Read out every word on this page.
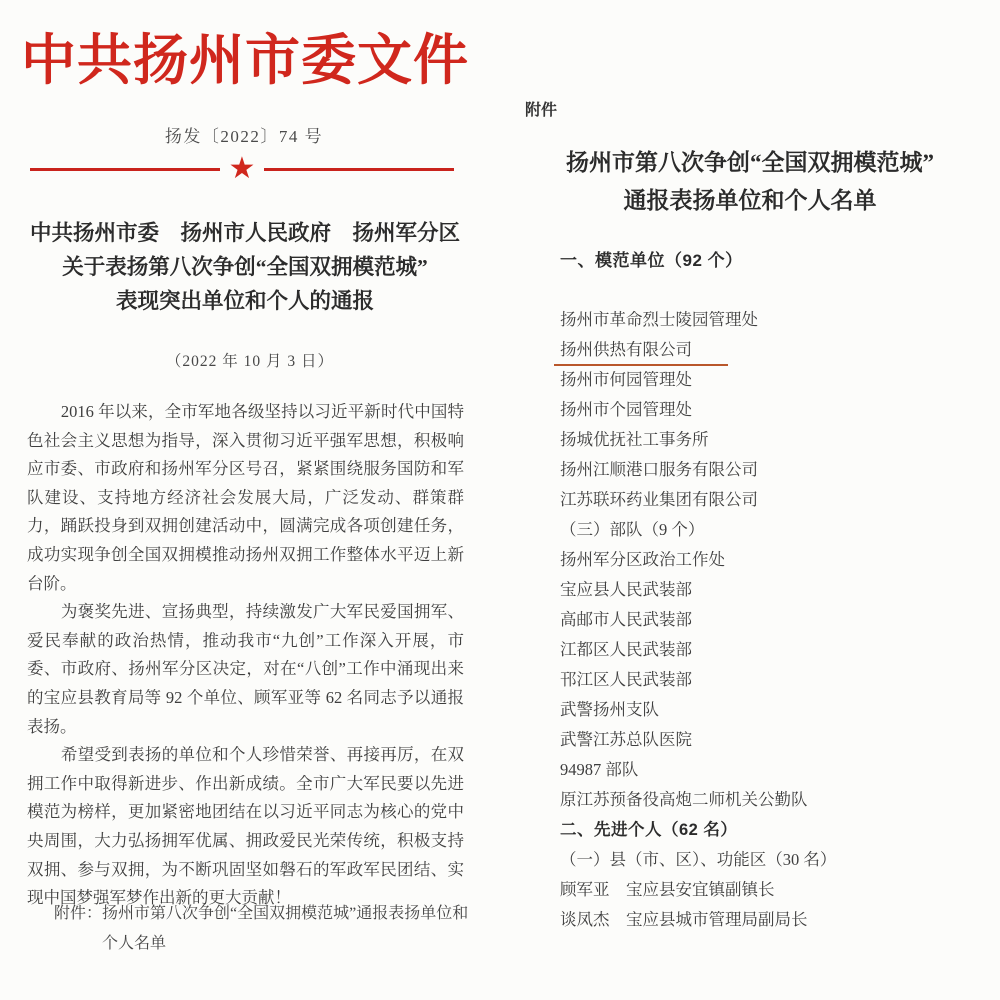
中共扬州市委文件
扬发〔2022〕74 号
★
中共扬州市委　扬州市人民政府　扬州军分区
关于表扬第八次争创“全国双拥模范城”
表现突出单位和个人的通报
（2022 年 10 月 3 日）

2016 年以来，全市军地各级坚持以习近平新时代中国特色社会主义思想为指导，深入贯彻习近平强军思想，积极响应市委、市政府和扬州军分区号召，紧紧围绕服务国防和军队建设、支持地方经济社会发展大局，广泛发动、群策群力，踊跃投身到双拥创建活动中，圆满完成各项创建任务，成功实现争创全国双拥模推动扬州双拥工作整体水平迈上新台阶。

为褒奖先进、宣扬典型，持续激发广大军民爱国拥军、爱民奉献的政治热情，推动我市“九创”工作深入开展，市委、市政府、扬州军分区决定，对在“八创”工作中涌现出来的宝应县教育局等 92 个单位、顾军亚等 62 名同志予以通报表扬。

希望受到表扬的单位和个人珍惜荣誉、再接再厉，在双拥工作中取得新进步、作出新成绩。全市广大军民要以先进模范为榜样，更加紧密地团结在以习近平同志为核心的党中央周围，大力弘扬拥军优属、拥政爱民光荣传统，积极支持双拥、参与双拥，为不断巩固坚如磐石的军政军民团结、实现中国梦强军梦作出新的更大贡献！

附件：扬州市第八次争创“全国双拥模范城”通报表扬单位和
个人名单
附件
扬州市第八次争创“全国双拥模范城”
通报表扬单位和个人名单
一、模范单位（92 个）
扬州市革命烈士陵园管理处
扬州供热有限公司
扬州市何园管理处
扬州市个园管理处
扬城优抚社工事务所
扬州江顺港口服务有限公司
江苏联环药业集团有限公司
（三）部队（9 个）
扬州军分区政治工作处
宝应县人民武装部
高邮市人民武装部
江都区人民武装部
邗江区人民武装部
武警扬州支队
武警江苏总队医院
94987 部队
原江苏预备役高炮二师机关公勤队
二、先进个人（62 名）
（一）县（市、区）、功能区（30 名）
顾军亚　宝应县安宜镇副镇长
谈凤杰　宝应县城市管理局副局长
